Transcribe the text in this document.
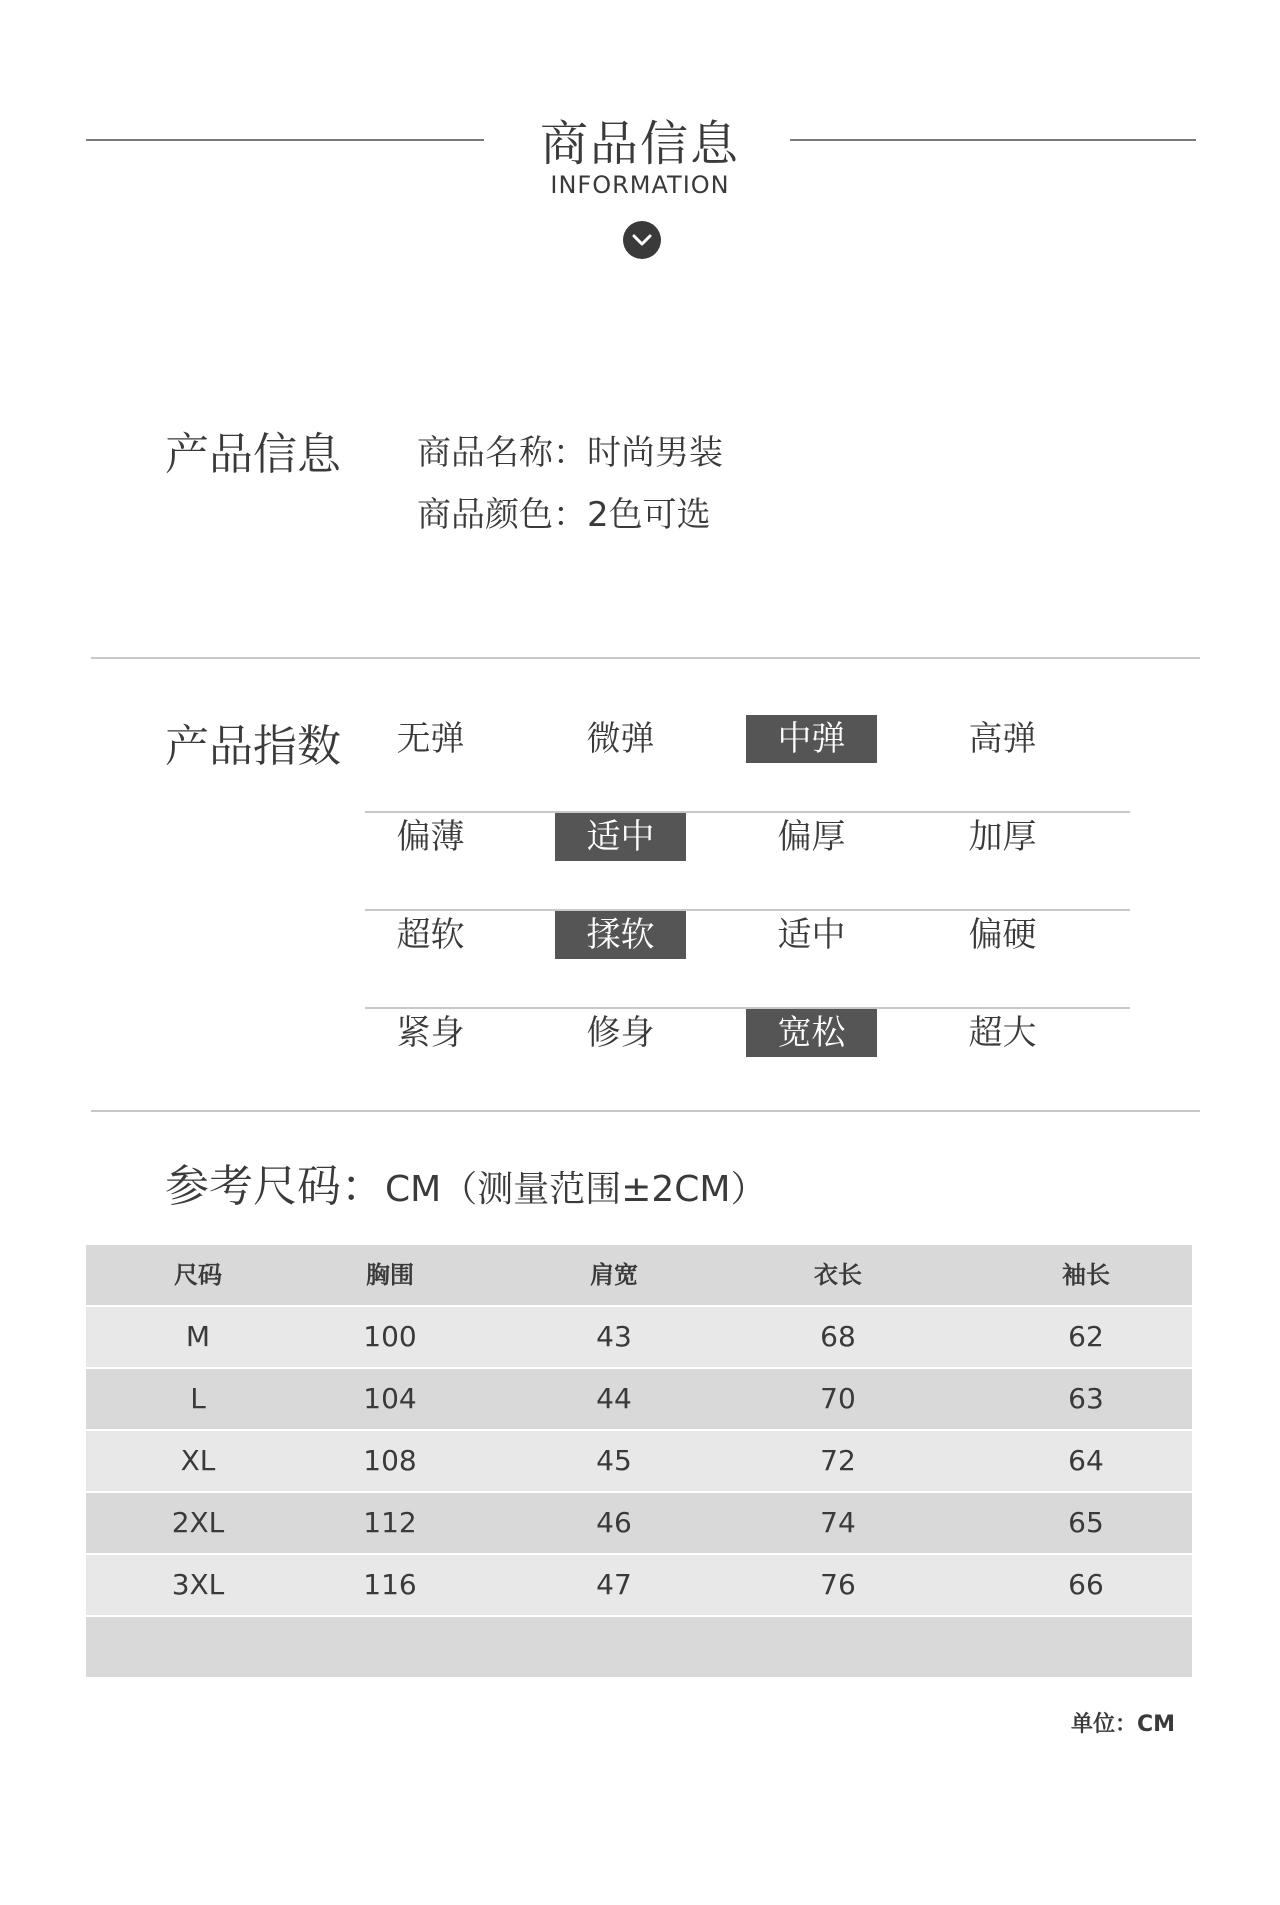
商品信息
INFORMATION
产品信息 商品名称：时尚男装
商品颜色：2色可选
产品指数	无弹	微弹	中弹	高弹
偏薄	适中	偏厚	加厚
超软	揉软	适中	偏硬
紧身	修身	宽松	超大
参考尺码：CM（测量范围±2CM）
尺码	胸围	肩宽	衣长	袖长
M	100	43	68	62
L	104	44	70	63
XL	108	45	72	64
2XL	112	46	74	65
3XL	116	47	76	66
单位：CM
